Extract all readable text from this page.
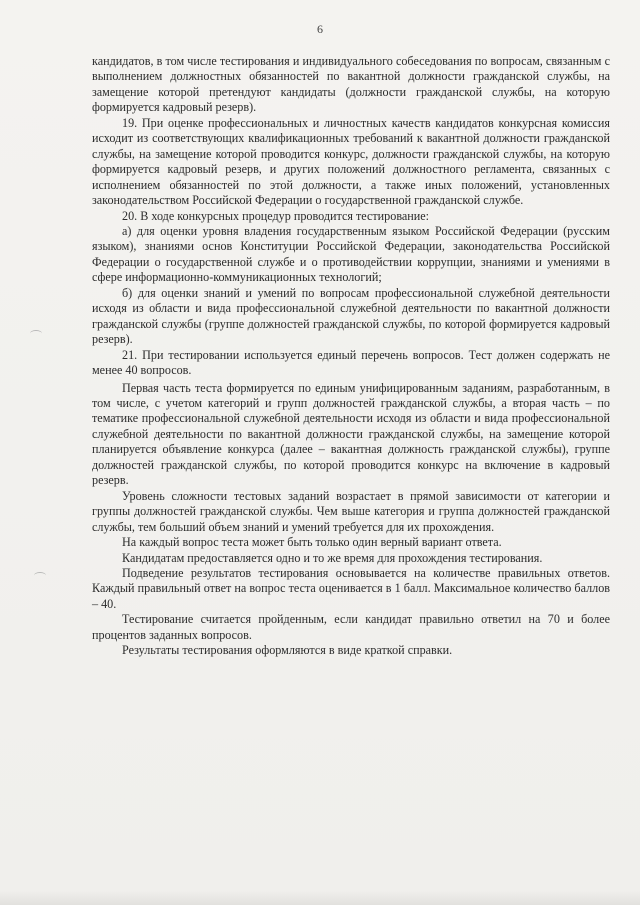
6

кандидатов, в том числе тестирования и индивидуального собеседования по вопросам, связанным с выполнением должностных обязанностей по вакантной должности гражданской службы, на замещение которой претендуют кандидаты (должности гражданской службы, на которую формируется кадровый резерв).

19. При оценке профессиональных и личностных качеств кандидатов конкурсная комиссия исходит из соответствующих квалификационных требований к вакантной должности гражданской службы, на замещение которой проводится конкурс, должности гражданской службы, на которую формируется кадровый резерв, и других положений должностного регламента, связанных с исполнением обязанностей по этой должности, а также иных положений, установленных законодательством Российской Федерации о государственной гражданской службе.

20. В ходе конкурсных процедур проводится тестирование:

а) для оценки уровня владения государственным языком Российской Федерации (русским языком), знаниями основ Конституции Российской Федерации, законодательства Российской Федерации о государственной службе и о противодействии коррупции, знаниями и умениями в сфере информационно-коммуникационных технологий;

б) для оценки знаний и умений по вопросам профессиональной служебной деятельности исходя из области и вида профессиональной служебной деятельности по вакантной должности гражданской службы (группе должностей гражданской службы, по которой формируется кадровый резерв).

21. При тестировании используется единый перечень вопросов. Тест должен содержать не менее 40 вопросов.

Первая часть теста формируется по единым унифицированным заданиям, разработанным, в том числе, с учетом категорий и групп должностей гражданской службы, а вторая часть – по тематике профессиональной служебной деятельности исходя из области и вида профессиональной служебной деятельности по вакантной должности гражданской службы, на замещение которой планируется объявление конкурса (далее – вакантная должность гражданской службы), группе должностей гражданской службы, по которой проводится конкурс на включение в кадровый резерв.

Уровень сложности тестовых заданий возрастает в прямой зависимости от категории и группы должностей гражданской службы. Чем выше категория и группа должностей гражданской службы, тем больший объем знаний и умений требуется для их прохождения.

На каждый вопрос теста может быть только один верный вариант ответа.

Кандидатам предоставляется одно и то же время для прохождения тестирования.

Подведение результатов тестирования основывается на количестве правильных ответов. Каждый правильный ответ на вопрос теста оценивается в 1 балл. Максимальное количество баллов – 40.

Тестирование считается пройденным, если кандидат правильно ответил на 70 и более процентов заданных вопросов.

Результаты тестирования оформляются в виде краткой справки.
